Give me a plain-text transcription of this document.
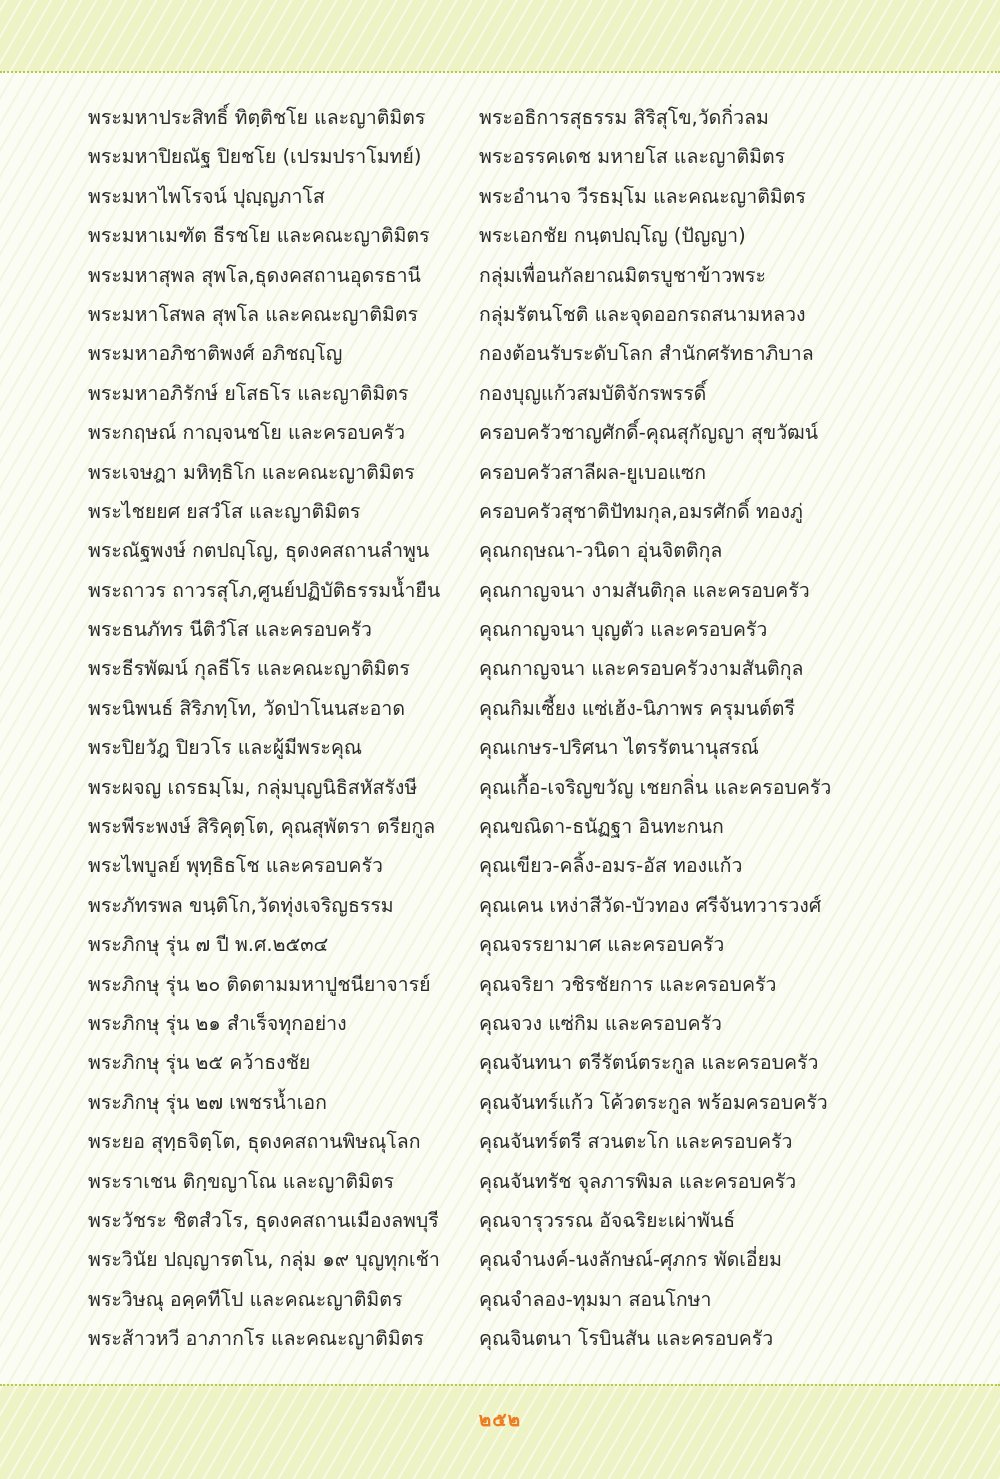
พระมหาประสิทธิ์ ทิตฺติชโย และญาติมิตร
พระมหาปิยณัฐ ปิยชโย (เปรมปราโมทย์)
พระมหาไพโรจน์ ปุญฺญภาโส
พระมหาเมฑัต ธีรชโย และคณะญาติมิตร
พระมหาสุพล สุพโล,ธุดงคสถานอุดรธานี
พระมหาโสพล สุพโล และคณะญาติมิตร
พระมหาอภิชาติพงศ์ อภิชญฺโญ
พระมหาอภิรักษ์ ยโสธโร และญาติมิตร
พระกฤษณ์ กาญฺจนชโย และครอบครัว
พระเจษฎา มหิทฺธิโก และคณะญาติมิตร
พระไชยยศ ยสวํโส และญาติมิตร
พระณัฐพงษ์ กตปญฺโญ, ธุดงคสถานลำพูน
พระถาวร ถาวรสุโภ,ศูนย์ปฏิบัติธรรมน้ำยืน
พระธนภัทร นีติวํโส และครอบครัว
พระธีรพัฒน์ กุลธีโร และคณะญาติมิตร
พระนิพนธ์ สิริภทฺโท, วัดป่าโนนสะอาด
พระปิยวัฎ ปิยวโร และผู้มีพระคุณ
พระผจญ เถรธมฺโม, กลุ่มบุญนิธิสหัสรังษี
พระพีระพงษ์ สิริคุตฺโต, คุณสุพัตรา ตรียกูล
พระไพบูลย์ พุทฺธิธโช และครอบครัว
พระภัทรพล ขนฺติโก,วัดทุ่งเจริญธรรม
พระภิกษุ รุ่น ๗ ปี พ.ศ.๒๕๓๔
พระภิกษุ รุ่น ๒๐ ติดตามมหาปูชนียาจารย์
พระภิกษุ รุ่น ๒๑ สำเร็จทุกอย่าง
พระภิกษุ รุ่น ๒๕ คว้าธงชัย
พระภิกษุ รุ่น ๒๗ เพชรน้ำเอก
พระยอ สุทฺธจิตฺโต, ธุดงคสถานพิษณุโลก
พระราเชน ติกฺขญาโณ และญาติมิตร
พระวัชระ ชิตสํวโร, ธุดงคสถานเมืองลพบุรี
พระวินัย ปญฺญารตโน, กลุ่ม ๑๙ บุญทุกเช้า
พระวิษณุ อคฺคทีโป และคณะญาติมิตร
พระส้าวหวี อาภากโร และคณะญาติมิตร
พระอธิการสุธรรม สิริสุโข,วัดกิ่วลม
พระอรรคเดช มหายโส และญาติมิตร
พระอำนาจ วีรธมฺโม และคณะญาติมิตร
พระเอกชัย กนฺตปญฺโญ (ปัญญา)
กลุ่มเพื่อนกัลยาณมิตรบูชาข้าวพระ
กลุ่มรัตนโชติ และจุดออกรถสนามหลวง
กองต้อนรับระดับโลก สำนักศรัทธาภิบาล
กองบุญแก้วสมบัติจักรพรรดิ์
ครอบครัวชาญศักดิ์-คุณสุกัญญา สุขวัฒน์
ครอบครัวสาลีผล-ยูเบอแซก
ครอบครัวสุชาติปัทมกุล,อมรศักดิ์ ทองภู่
คุณกฤษณา-วนิดา อุ่นจิตติกุล
คุณกาญจนา งามสันติกุล และครอบครัว
คุณกาญจนา บุญตัว และครอบครัว
คุณกาญจนา และครอบครัวงามสันติกุล
คุณกิมเซี้ยง แซ่เฮ้ง-นิภาพร ครุมนต์ตรี
คุณเกษร-ปริศนา ไตรรัตนานุสรณ์
คุณเกื้อ-เจริญขวัญ เชยกลิ่น และครอบครัว
คุณขณิดา-ธนัฏฐา อินทะกนก
คุณเขียว-คลิ้ง-อมร-อัส ทองแก้ว
คุณเคน เหง่าสีวัด-บัวทอง ศรีจันทวารวงศ์
คุณจรรยามาศ และครอบครัว
คุณจริยา วชิรชัยการ และครอบครัว
คุณจวง แซ่กิม และครอบครัว
คุณจันทนา ตรีรัตน์ตระกูล และครอบครัว
คุณจันทร์แก้ว โค้วตระกูล พร้อมครอบครัว
คุณจันทร์ตรี สวนตะโก และครอบครัว
คุณจันทรัช จุลภารพิมล และครอบครัว
คุณจารุวรรณ อัจฉริยะเผ่าพันธ์
คุณจำนงค์-นงลักษณ์-ศุภกร พัดเอี่ยม
คุณจำลอง-ทุมมา สอนโกษา
คุณจินตนา โรบินสัน และครอบครัว
๒๕๒
